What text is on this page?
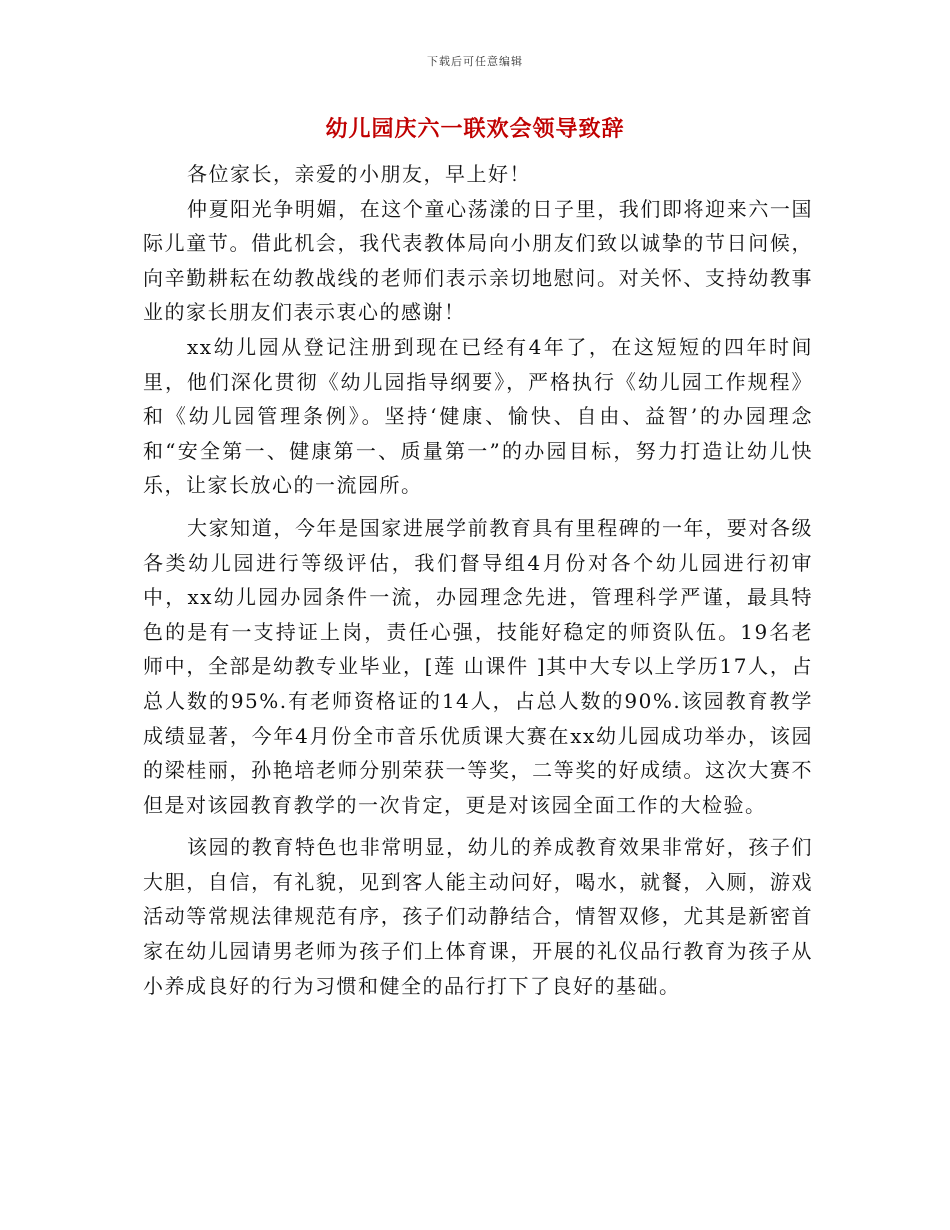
下载后可任意编辑
幼儿园庆六一联欢会领导致辞

各位家长，亲爱的小朋友，早上好！

仲夏阳光争明媚，在这个童心荡漾的日子里，我们即将迎来六一国际儿童节。借此机会，我代表教体局向小朋友们致以诚挚的节日问候，向辛勤耕耘在幼教战线的老师们表示亲切地慰问。对关怀、支持幼教事业的家长朋友们表示衷心的感谢！

xx幼儿园从登记注册到现在已经有4年了，在这短短的四年时间里，他们深化贯彻《幼儿园指导纲要》，严格执行《幼儿园工作规程》和《幼儿园管理条例》。坚持‘健康、愉快、自由、益智’的办园理念和“安全第一、健康第一、质量第一”的办园目标，努力打造让幼儿快乐，让家长放心的一流园所。

大家知道，今年是国家进展学前教育具有里程碑的一年，要对各级各类幼儿园进行等级评估，我们督导组4月份对各个幼儿园进行初审中，xx幼儿园办园条件一流，办园理念先进，管理科学严谨，最具特色的是有一支持证上岗，责任心强，技能好稳定的师资队伍。19名老师中，全部是幼教专业毕业，[莲 山课件 ]其中大专以上学历17人，占总人数的95%.有老师资格证的14人，占总人数的90%.该园教育教学成绩显著，今年4月份全市音乐优质课大赛在xx幼儿园成功举办，该园的梁桂丽，孙艳培老师分别荣获一等奖，二等奖的好成绩。这次大赛不但是对该园教育教学的一次肯定，更是对该园全面工作的大检验。

该园的教育特色也非常明显，幼儿的养成教育效果非常好，孩子们大胆，自信，有礼貌，见到客人能主动问好，喝水，就餐，入厕，游戏活动等常规法律规范有序，孩子们动静结合，情智双修，尤其是新密首家在幼儿园请男老师为孩子们上体育课，开展的礼仪品行教育为孩子从小养成良好的行为习惯和健全的品行打下了良好的基础。
